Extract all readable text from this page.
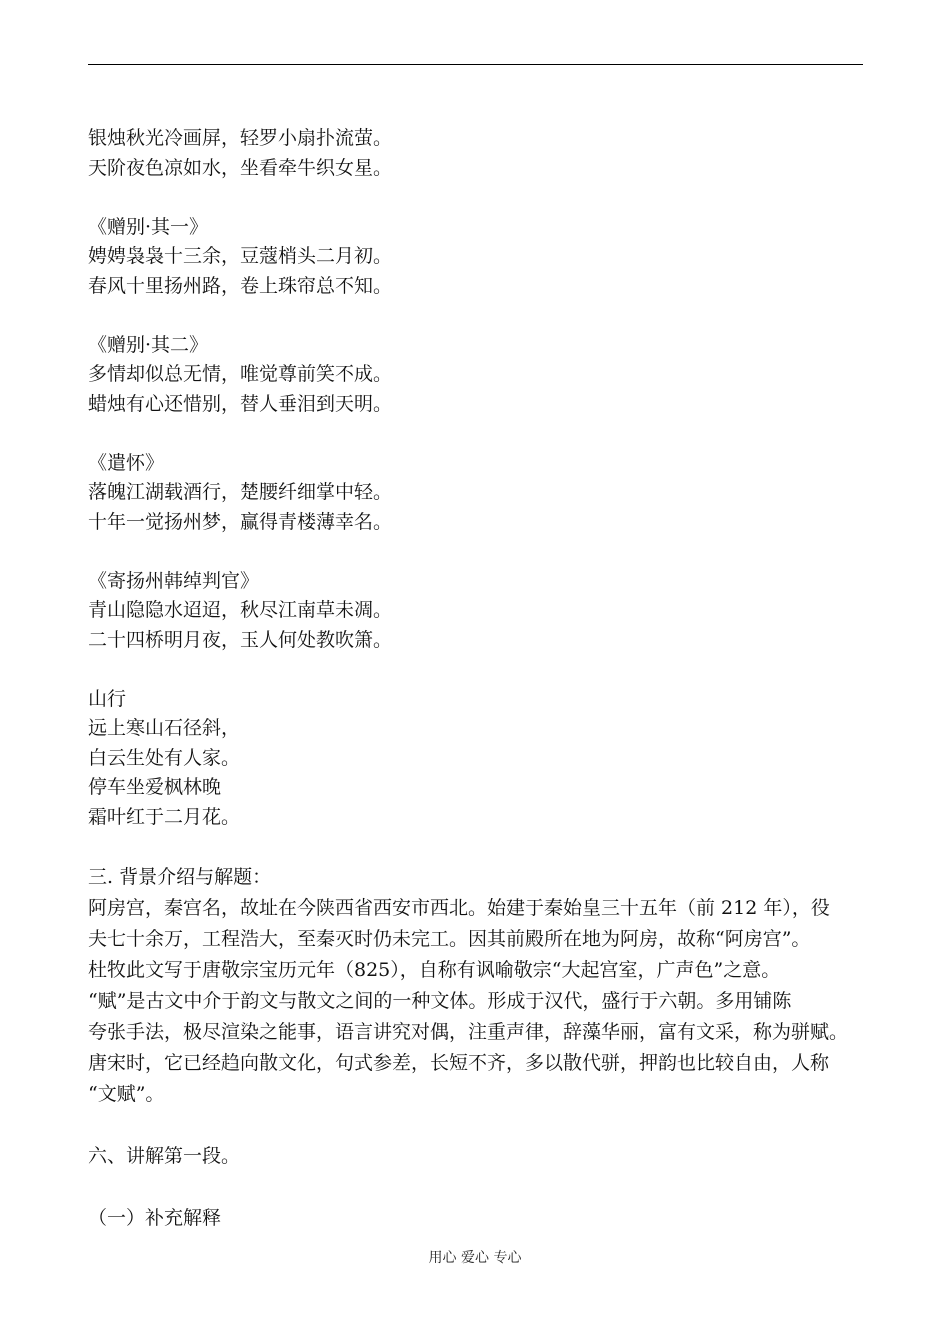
银烛秋光冷画屏，轻罗小扇扑流萤。
天阶夜色凉如水，坐看牵牛织女星。
《赠别·其一》
娉娉袅袅十三余，豆蔻梢头二月初。
春风十里扬州路，卷上珠帘总不知。
《赠别·其二》
多情却似总无情，唯觉尊前笑不成。
蜡烛有心还惜别，替人垂泪到天明。
《遣怀》
落魄江湖载酒行，楚腰纤细掌中轻。
十年一觉扬州梦，赢得青楼薄幸名。
《寄扬州韩绰判官》
青山隐隐水迢迢，秋尽江南草未凋。
二十四桥明月夜，玉人何处教吹箫。
山行
远上寒山石径斜，
白云生处有人家。
停车坐爱枫林晚
霜叶红于二月花。
三. 背景介绍与解题：
阿房宫，秦宫名，故址在今陕西省西安市西北。始建于秦始皇三十五年（前 212 年），役
夫七十余万，工程浩大，至秦灭时仍未完工。因其前殿所在地为阿房，故称“阿房宫”。
杜牧此文写于唐敬宗宝历元年（825），自称有讽喻敬宗“大起宫室，广声色”之意。
“赋”是古文中介于韵文与散文之间的一种文体。形成于汉代，盛行于六朝。多用铺陈
夸张手法，极尽渲染之能事，语言讲究对偶，注重声律，辞藻华丽，富有文采，称为骈赋。
唐宋时，它已经趋向散文化，句式参差，长短不齐，多以散代骈，押韵也比较自由，人称
“文赋”。
六、讲解第一段。
（一）补充解释
用心 爱心 专心
